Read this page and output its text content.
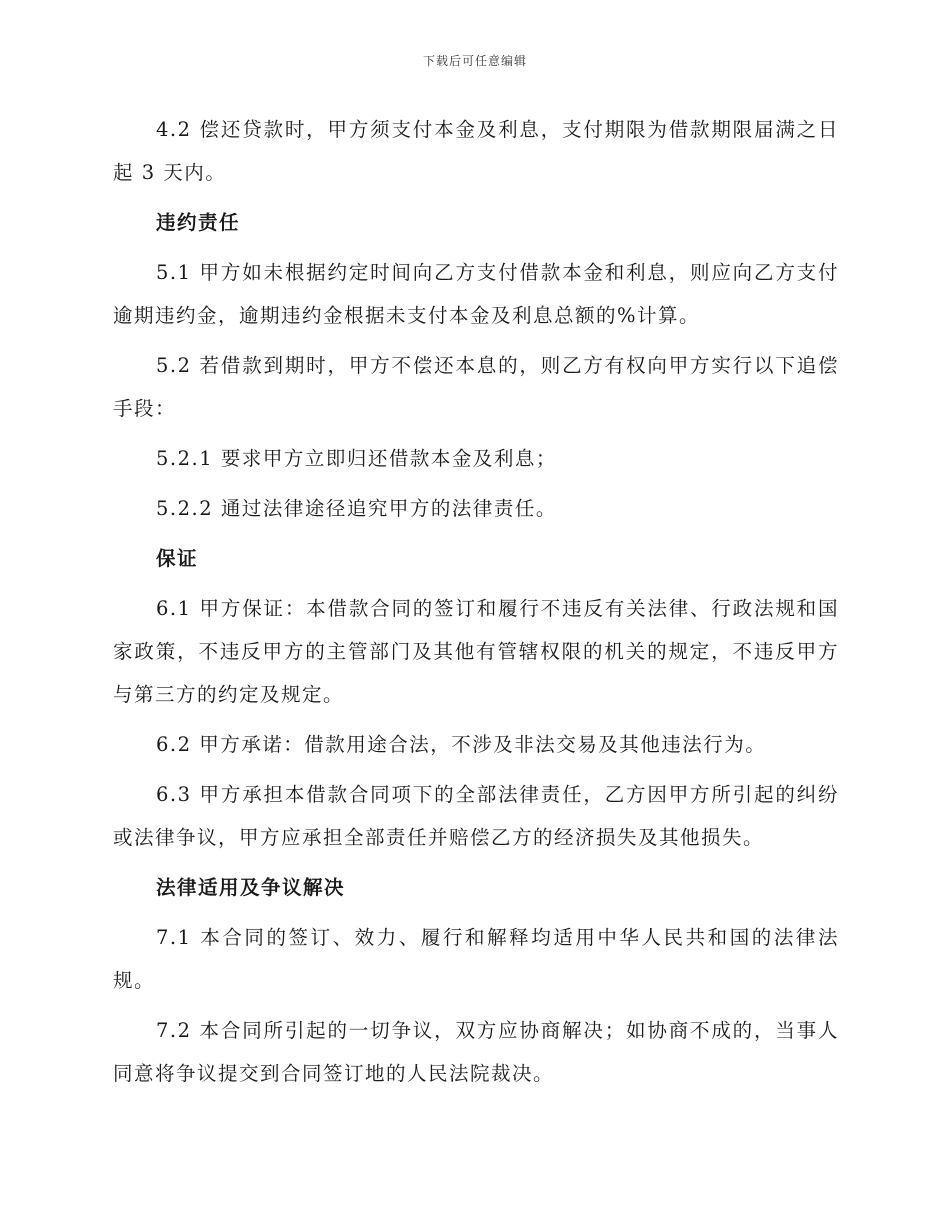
下载后可任意编辑

4.2 偿还贷款时，甲方须支付本金及利息，支付期限为借款期限届满之日起 3 天内。

违约责任

5.1 甲方如未根据约定时间向乙方支付借款本金和利息，则应向乙方支付逾期违约金，逾期违约金根据未支付本金及利息总额的%计算。

5.2 若借款到期时，甲方不偿还本息的，则乙方有权向甲方实行以下追偿手段：

5.2.1 要求甲方立即归还借款本金及利息；

5.2.2 通过法律途径追究甲方的法律责任。

保证

6.1 甲方保证：本借款合同的签订和履行不违反有关法律、行政法规和国家政策，不违反甲方的主管部门及其他有管辖权限的机关的规定，不违反甲方与第三方的约定及规定。

6.2 甲方承诺：借款用途合法，不涉及非法交易及其他违法行为。

6.3 甲方承担本借款合同项下的全部法律责任，乙方因甲方所引起的纠纷或法律争议，甲方应承担全部责任并赔偿乙方的经济损失及其他损失。

法律适用及争议解决

7.1 本合同的签订、效力、履行和解释均适用中华人民共和国的法律法规。

7.2 本合同所引起的一切争议，双方应协商解决；如协商不成的，当事人同意将争议提交到合同签订地的人民法院裁决。
